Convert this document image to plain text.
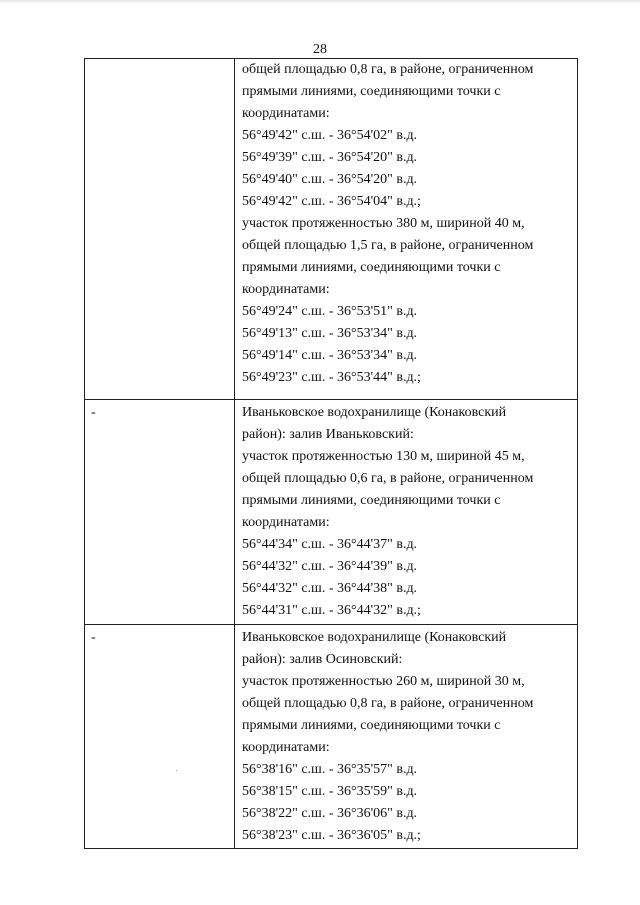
28
общей площадью 0,8 га, в районе, ограниченном
прямыми линиями, соединяющими точки с
координатами:
56°49'42" с.ш. - 36°54'02" в.д.
56°49'39" с.ш. - 36°54'20" в.д.
56°49'40" с.ш. - 36°54'20" в.д.
56°49'42" с.ш. - 36°54'04" в.д.;
участок протяженностью 380 м, шириной 40 м,
общей площадью 1,5 га, в районе, ограниченном
прямыми линиями, соединяющими точки с
координатами:
56°49'24" с.ш. - 36°53'51" в.д.
56°49'13" с.ш. - 36°53'34" в.д.
56°49'14" с.ш. - 36°53'34" в.д.
56°49'23" с.ш. - 36°53'44" в.д.;
-	Иваньковское водохранилище (Конаковский
район): залив Иваньковский:
участок протяженностью 130 м, шириной 45 м,
общей площадью 0,6 га, в районе, ограниченном
прямыми линиями, соединяющими точки с
координатами:
56°44'34" с.ш. - 36°44'37" в.д.
56°44'32" с.ш. - 36°44'39" в.д.
56°44'32" с.ш. - 36°44'38" в.д.
56°44'31" с.ш. - 36°44'32" в.д.;
-	Иваньковское водохранилище (Конаковский
район): залив Осиновский:
участок протяженностью 260 м, шириной 30 м,
общей площадью 0,8 га, в районе, ограниченном
прямыми линиями, соединяющими точки с
координатами:
56°38'16" с.ш. - 36°35'57" в.д.
56°38'15" с.ш. - 36°35'59" в.д.
56°38'22" с.ш. - 36°36'06" в.д.
56°38'23" с.ш. - 36°36'05" в.д.;
